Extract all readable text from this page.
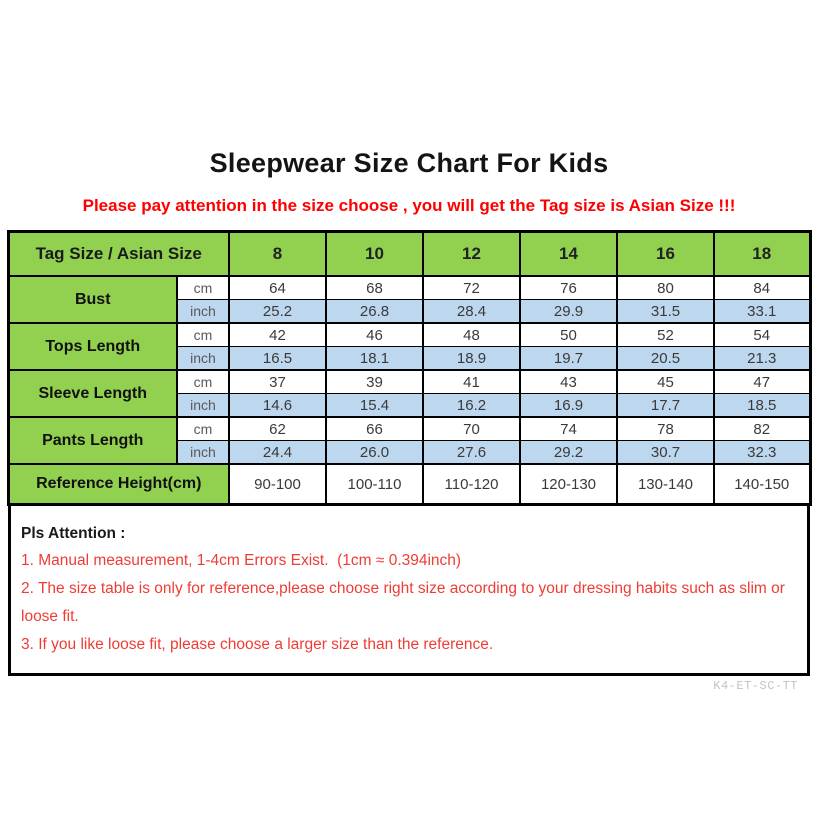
Sleepwear Size Chart For Kids
Please pay attention in the size choose , you will get the Tag size is Asian Size !!!
Tag Size / Asian Size		8	10	12	14	16	18
Bust	cm	64	68	72	76	80	84
	inch	25.2	26.8	28.4	29.9	31.5	33.1
Tops Length	cm	42	46	48	50	52	54
	inch	16.5	18.1	18.9	19.7	20.5	21.3
Sleeve Length	cm	37	39	41	43	45	47
	inch	14.6	15.4	16.2	16.9	17.7	18.5
Pants Length	cm	62	66	70	74	78	82
	inch	24.4	26.0	27.6	29.2	30.7	32.3
Reference Height(cm)		90-100	100-110	110-120	120-130	130-140	140-150
Pls Attention :
1. Manual measurement, 1-4cm Errors Exist.  (1cm ≈ 0.394inch)
2. The size table is only for reference,please choose right size according to your dressing habits such as slim or loose fit.
3. If you like loose fit, please choose a larger size than the reference.
K4-ET-SC-TT
